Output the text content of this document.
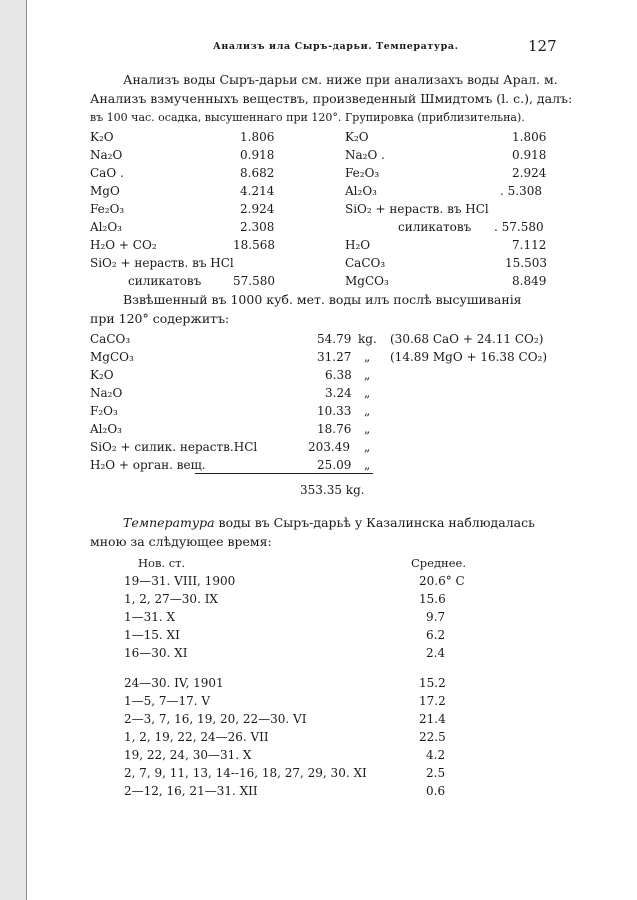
Анализъ ила Сыръ-дарьи. Температура.	127
Анализъ воды Сыръ-дарьи см. ниже при анализахъ воды Арал. м.
Анализъ взмученныхъ веществъ, произведенный Шмидтомъ (l. c.), далъ:
въ 100 час. осадка, высушеннаго при 120°. Групировка (приблизительна).
K₂O	1.806
Na₂O	0.918
CaO .	8.682
MgO	4.214
Fe₂O₃	2.924
Al₂O₃	2.308
H₂O + CO₂	18.568
SiO₂ + нераств. въ HCl
силикатовъ	57.580
K₂O	1.806
Na₂O .	0.918
Fe₂O₃	2.924
Al₂O₃	. 5.308
SiO₂ + нераств. въ HCl
силикатовъ . 57.580
H₂O	7.112
CaCO₃	15.503
MgCO₃	8.849
Взвѣшенный въ 1000 куб. мет. воды илъ послѣ высушиванія
при 120° содержитъ:
CaCO₃	54.79 kg. (30.68 CaO + 24.11 CO₂)
MgCO₃	31.27 „ (14.89 MgO + 16.38 CO₂)
K₂O	6.38 „
Na₂O	3.24 „
F₂O₃	10.33 „
Al₂O₃	18.76 „
SiO₂ + силик. нераств.HCl	203.49 „
H₂O + орган. вещ.	25.09 „
353.35 kg.
Температура воды въ Сыръ-дарьѣ у Казалинска наблюдалась
мною за слѣдующее время:
Нов. ст.	Среднее.
19—31. VIII, 1900	20.6° C
1, 2, 27—30. IX	15.6
1—31. X	9.7
1—15. XI	6.2
16—30. XI	2.4
24—30. IV, 1901	15.2
1—5, 7—17. V	17.2
2—3, 7, 16, 19, 20, 22—30. VI	21.4
1, 2, 19, 22, 24—26. VII	22.5
19, 22, 24, 30—31. X	4.2
2, 7, 9, 11, 13, 14--16, 18, 27, 29, 30. XI	2.5
2—12, 16, 21—31. XII	0.6
